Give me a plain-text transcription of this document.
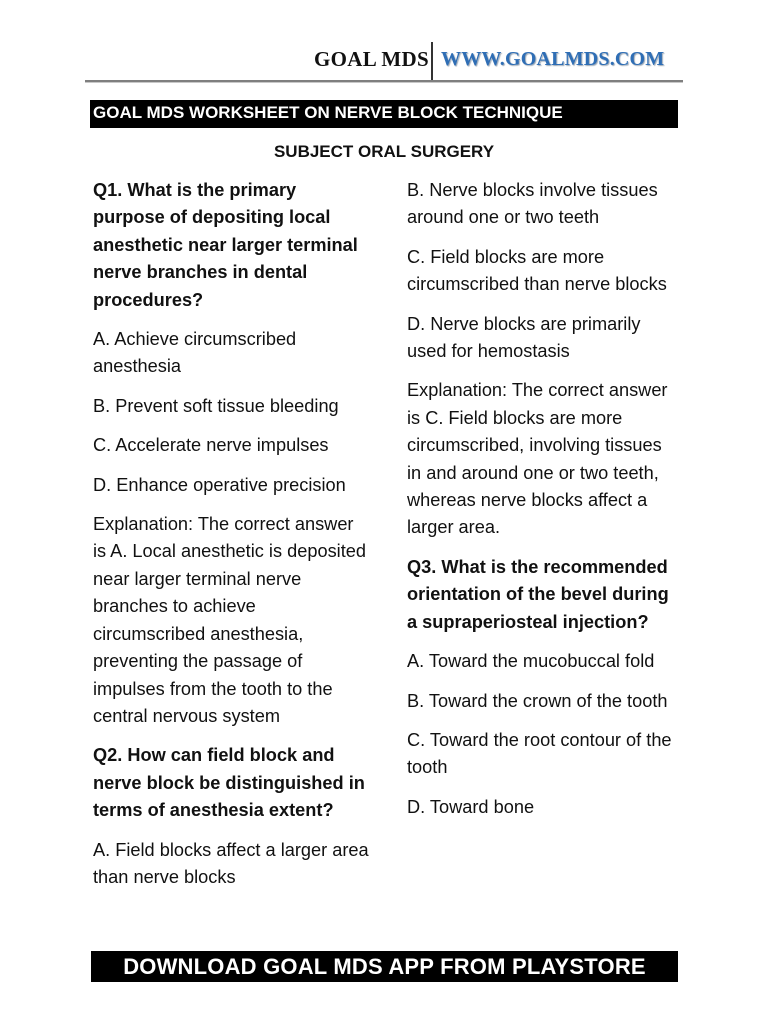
GOAL MDS WWW.GOALMDS.COM
GOAL MDS WORKSHEET ON NERVE BLOCK TECHNIQUE
SUBJECT ORAL SURGERY

Q1. What is the primary purpose of depositing local anesthetic near larger terminal nerve branches in dental procedures?

A. Achieve circumscribed anesthesia

B. Prevent soft tissue bleeding

C. Accelerate nerve impulses

D. Enhance operative precision

Explanation: The correct answer is A. Local anesthetic is deposited near larger terminal nerve branches to achieve circumscribed anesthesia, preventing the passage of impulses from the tooth to the central nervous system

Q2. How can field block and nerve block be distinguished in terms of anesthesia extent?

A. Field blocks affect a larger area than nerve blocks

B. Nerve blocks involve tissues around one or two teeth

C. Field blocks are more circumscribed than nerve blocks

D. Nerve blocks are primarily used for hemostasis

Explanation: The correct answer is C. Field blocks are more circumscribed, involving tissues in and around one or two teeth, whereas nerve blocks affect a larger area.

Q3. What is the recommended orientation of the bevel during a supraperiosteal injection?

A. Toward the mucobuccal fold

B. Toward the crown of the tooth

C. Toward the root contour of the tooth

D. Toward bone

DOWNLOAD GOAL MDS APP FROM PLAYSTORE
